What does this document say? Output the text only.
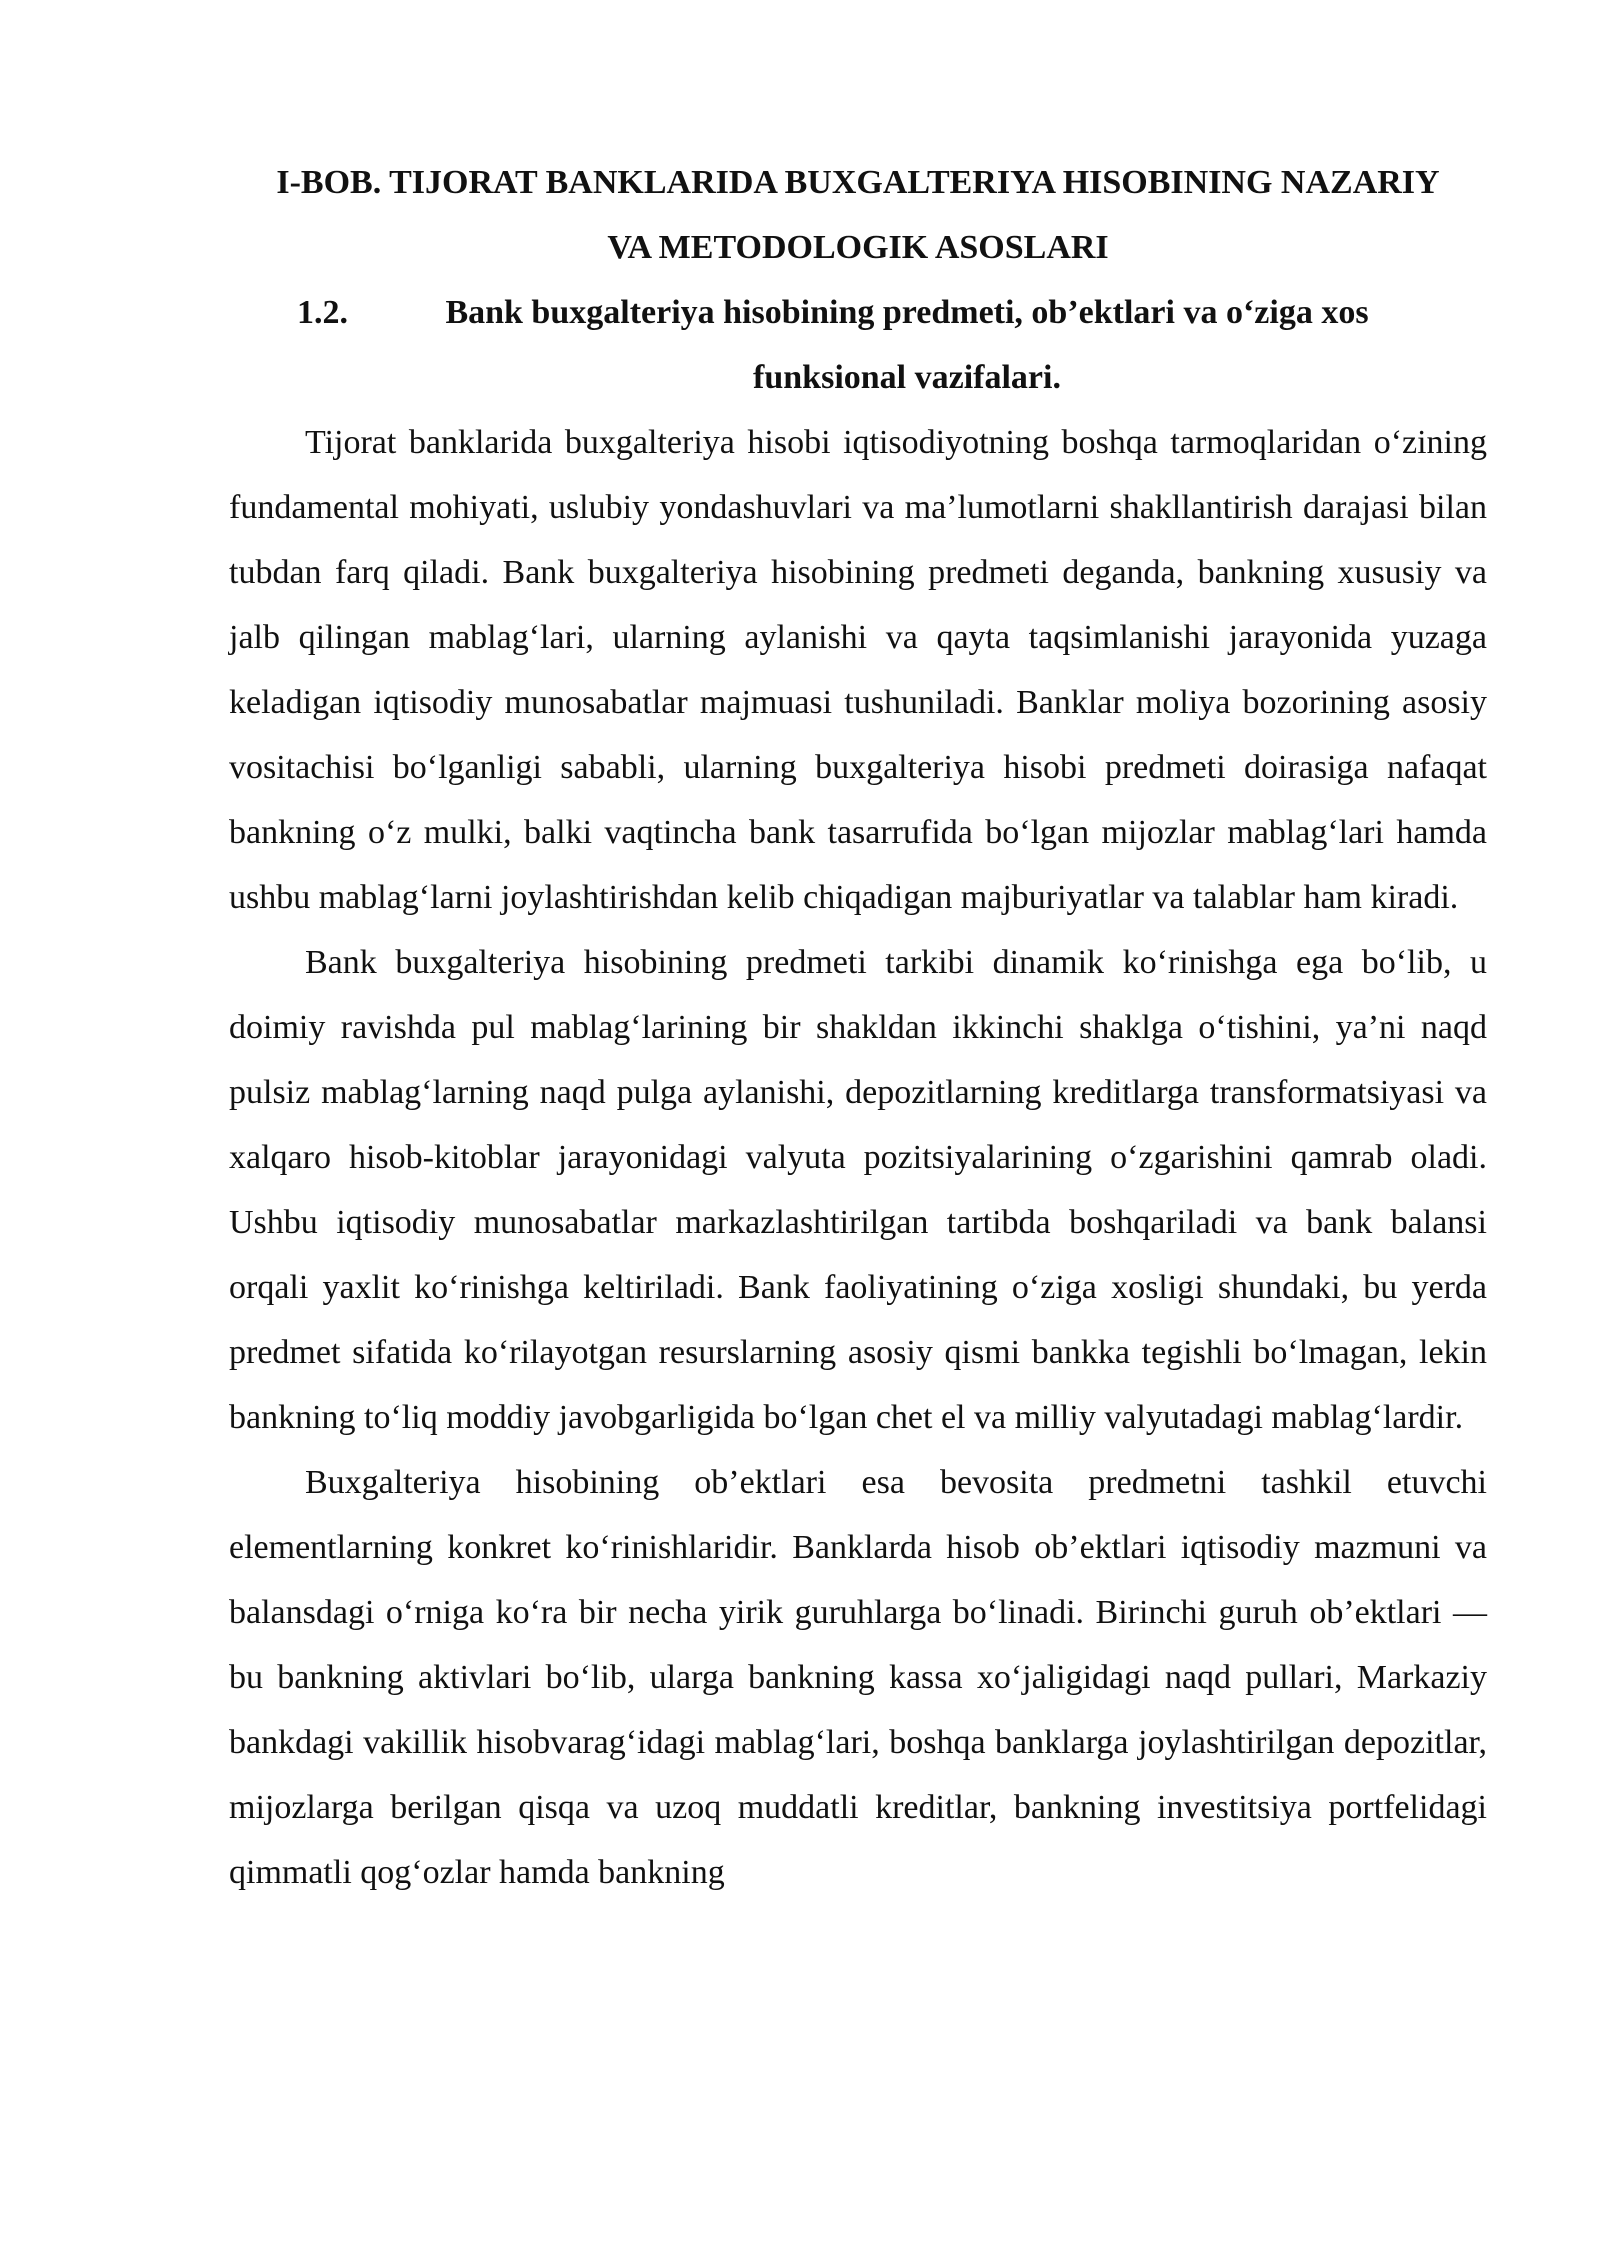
I-BOB. TIJORAT BANKLARIDA BUXGALTERIYA HISOBINING NAZARIY VA METODOLOGIK ASOSLARI

1.2.	Bank buxgalteriya hisobining predmeti, ob’ektlari va o‘ziga xos funksional vazifalari.

Tijorat banklarida buxgalteriya hisobi iqtisodiyotning boshqa tarmoqlaridan o‘zining fundamental mohiyati, uslubiy yondashuvlari va ma’lumotlarni shakllantirish darajasi bilan tubdan farq qiladi. Bank buxgalteriya hisobining predmeti deganda, bankning xususiy va jalb qilingan mablag‘lari, ularning aylanishi va qayta taqsimlanishi jarayonida yuzaga keladigan iqtisodiy munosabatlar majmuasi tushuniladi. Banklar moliya bozorining asosiy vositachisi bo‘lganligi sababli, ularning buxgalteriya hisobi predmeti doirasiga nafaqat bankning o‘z mulki, balki vaqtincha bank tasarrufida bo‘lgan mijozlar mablag‘lari hamda ushbu mablag‘larni joylashtirishdan kelib chiqadigan majburiyatlar va talablar ham kiradi.

Bank buxgalteriya hisobining predmeti tarkibi dinamik ko‘rinishga ega bo‘lib, u doimiy ravishda pul mablag‘larining bir shakldan ikkinchi shaklga o‘tishini, ya’ni naqd pulsiz mablag‘larning naqd pulga aylanishi, depozitlarning kreditlarga transformatsiyasi va xalqaro hisob-kitoblar jarayonidagi valyuta pozitsiyalarining o‘zgarishini qamrab oladi. Ushbu iqtisodiy munosabatlar markazlashtirilgan tartibda boshqariladi va bank balansi orqali yaxlit ko‘rinishga keltiriladi. Bank faoliyatining o‘ziga xosligi shundaki, bu yerda predmet sifatida ko‘rilayotgan resurslarning asosiy qismi bankka tegishli bo‘lmagan, lekin bankning to‘liq moddiy javobgarligida bo‘lgan chet el va milliy valyutadagi mablag‘lardir.

Buxgalteriya hisobining ob’ektlari esa bevosita predmetni tashkil etuvchi elementlarning konkret ko‘rinishlaridir. Banklarda hisob ob’ektlari iqtisodiy mazmuni va balansdagi o‘rniga ko‘ra bir necha yirik guruhlarga bo‘linadi. Birinchi guruh ob’ektlari — bu bankning aktivlari bo‘lib, ularga bankning kassa xo‘jaligidagi naqd pullari, Markaziy bankdagi vakillik hisobvarag‘idagi mablag‘lari, boshqa banklarga joylashtirilgan depozitlar, mijozlarga berilgan qisqa va uzoq muddatli kreditlar, bankning investitsiya portfelidagi qimmatli qog‘ozlar hamda bankning
